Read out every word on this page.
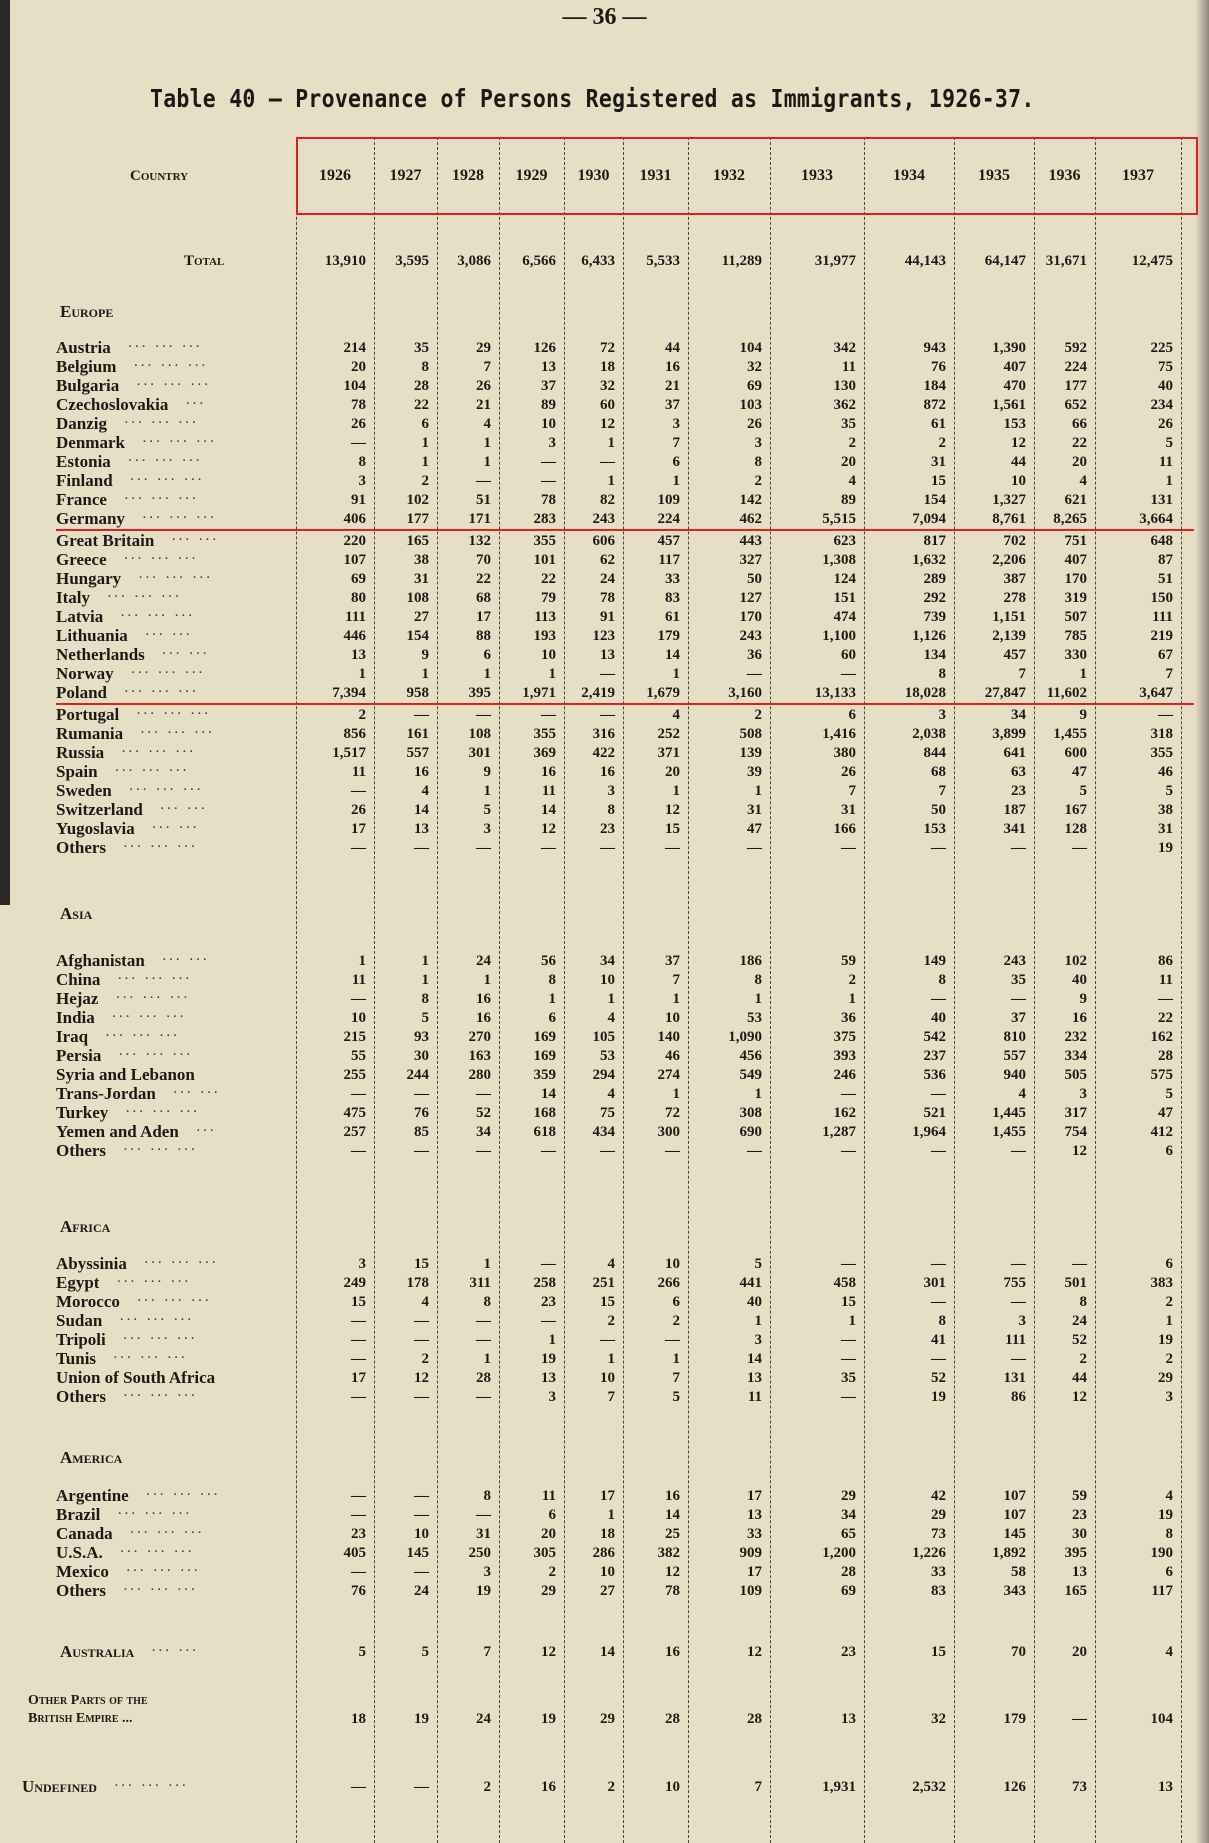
— 36 —
Table 40 — Provenance of Persons Registered as Immigrants, 1926-37.
Country	1926	1927	1928	1929	1930	1931	1932	1933	1934	1935	1936	1937
Total	13,910	3,595	3,086	6,566	6,433	5,533	11,289	31,977	44,143	64,147	31,671	12,475
Europe
Austria ... ... ...	214	35	29	126	72	44	104	342	943	1,390	592	225
Belgium ... ... ...	20	8	7	13	18	16	32	11	76	407	224	75
Bulgaria ... ... ...	104	28	26	37	32	21	69	130	184	470	177	40
Czechoslovakia ...	78	22	21	89	60	37	103	362	872	1,561	652	234
Danzig ... ... ...	26	6	4	10	12	3	26	35	61	153	66	26
Denmark ... ... ...	—	1	1	3	1	7	3	2	2	12	22	5
Estonia ... ... ...	8	1	1	—	—	6	8	20	31	44	20	11
Finland ... ... ...	3	2	—	—	1	1	2	4	15	10	4	1
France ... ... ...	91	102	51	78	82	109	142	89	154	1,327	621	131
Germany ... ... ...	406	177	171	283	243	224	462	5,515	7,094	8,761	8,265	3,664
Great Britain ... ...	220	165	132	355	606	457	443	623	817	702	751	648
Greece ... ... ...	107	38	70	101	62	117	327	1,308	1,632	2,206	407	87
Hungary ... ... ...	69	31	22	22	24	33	50	124	289	387	170	51
Italy ... ... ...	80	108	68	79	78	83	127	151	292	278	319	150
Latvia ... ... ...	111	27	17	113	91	61	170	474	739	1,151	507	111
Lithuania ... ...	446	154	88	193	123	179	243	1,100	1,126	2,139	785	219
Netherlands ... ...	13	9	6	10	13	14	36	60	134	457	330	67
Norway ... ... ...	1	1	1	1	—	1	—	—	8	7	1	7
Poland ... ... ...	7,394	958	395	1,971	2,419	1,679	3,160	13,133	18,028	27,847	11,602	3,647
Portugal ... ... ...	2	—	—	—	—	4	2	6	3	34	9	—
Rumania ... ... ...	856	161	108	355	316	252	508	1,416	2,038	3,899	1,455	318
Russia ... ... ...	1,517	557	301	369	422	371	139	380	844	641	600	355
Spain ... ... ...	11	16	9	16	16	20	39	26	68	63	47	46
Sweden ... ... ...	—	4	1	11	3	1	1	7	7	23	5	5
Switzerland ... ...	26	14	5	14	8	12	31	31	50	187	167	38
Yugoslavia ... ...	17	13	3	12	23	15	47	166	153	341	128	31
Others ... ... ...	—	—	—	—	—	—	—	—	—	—	—	19
Asia
Afghanistan ... ...	1	1	24	56	34	37	186	59	149	243	102	86
China ... ... ...	11	1	1	8	10	7	8	2	8	35	40	11
Hejaz ... ... ...	—	8	16	1	1	1	1	1	—	—	9	—
India ... ... ...	10	5	16	6	4	10	53	36	40	37	16	22
Iraq ... ... ...	215	93	270	169	105	140	1,090	375	542	810	232	162
Persia ... ... ...	55	30	163	169	53	46	456	393	237	557	334	28
Syria and Lebanon	255	244	280	359	294	274	549	246	536	940	505	575
Trans-Jordan ... ...	—	—	—	14	4	1	1	—	—	4	3	5
Turkey ... ... ...	475	76	52	168	75	72	308	162	521	1,445	317	47
Yemen and Aden ...	257	85	34	618	434	300	690	1,287	1,964	1,455	754	412
Others ... ... ...	—	—	—	—	—	—	—	—	—	—	12	6
Africa
Abyssinia ... ... ...	3	15	1	—	4	10	5	—	—	—	—	6
Egypt ... ... ...	249	178	311	258	251	266	441	458	301	755	501	383
Morocco ... ... ...	15	4	8	23	15	6	40	15	—	—	8	2
Sudan ... ... ...	—	—	—	—	2	2	1	1	8	3	24	1
Tripoli ... ... ...	—	—	—	1	—	—	3	—	41	111	52	19
Tunis ... ... ...	—	2	1	19	1	1	14	—	—	—	2	2
Union of South Africa	17	12	28	13	10	7	13	35	52	131	44	29
Others ... ... ...	—	—	—	3	7	5	11	—	19	86	12	3
America
Argentine ... ... ...	—	—	8	11	17	16	17	29	42	107	59	4
Brazil ... ... ...	—	—	—	6	1	14	13	34	29	107	23	19
Canada ... ... ...	23	10	31	20	18	25	33	65	73	145	30	8
U.S.A. ... ... ...	405	145	250	305	286	382	909	1,200	1,226	1,892	395	190
Mexico ... ... ...	—	—	3	2	10	12	17	28	33	58	13	6
Others ... ... ...	76	24	19	29	27	78	109	69	83	343	165	117
Australia ... ...	5	5	7	12	14	16	12	23	15	70	20	4
Other Parts of the
British Empire ...	18	19	24	19	29	28	28	13	32	179	—	104
Undefined ... ... ...	—	—	2	16	2	10	7	1,931	2,532	126	73	13
